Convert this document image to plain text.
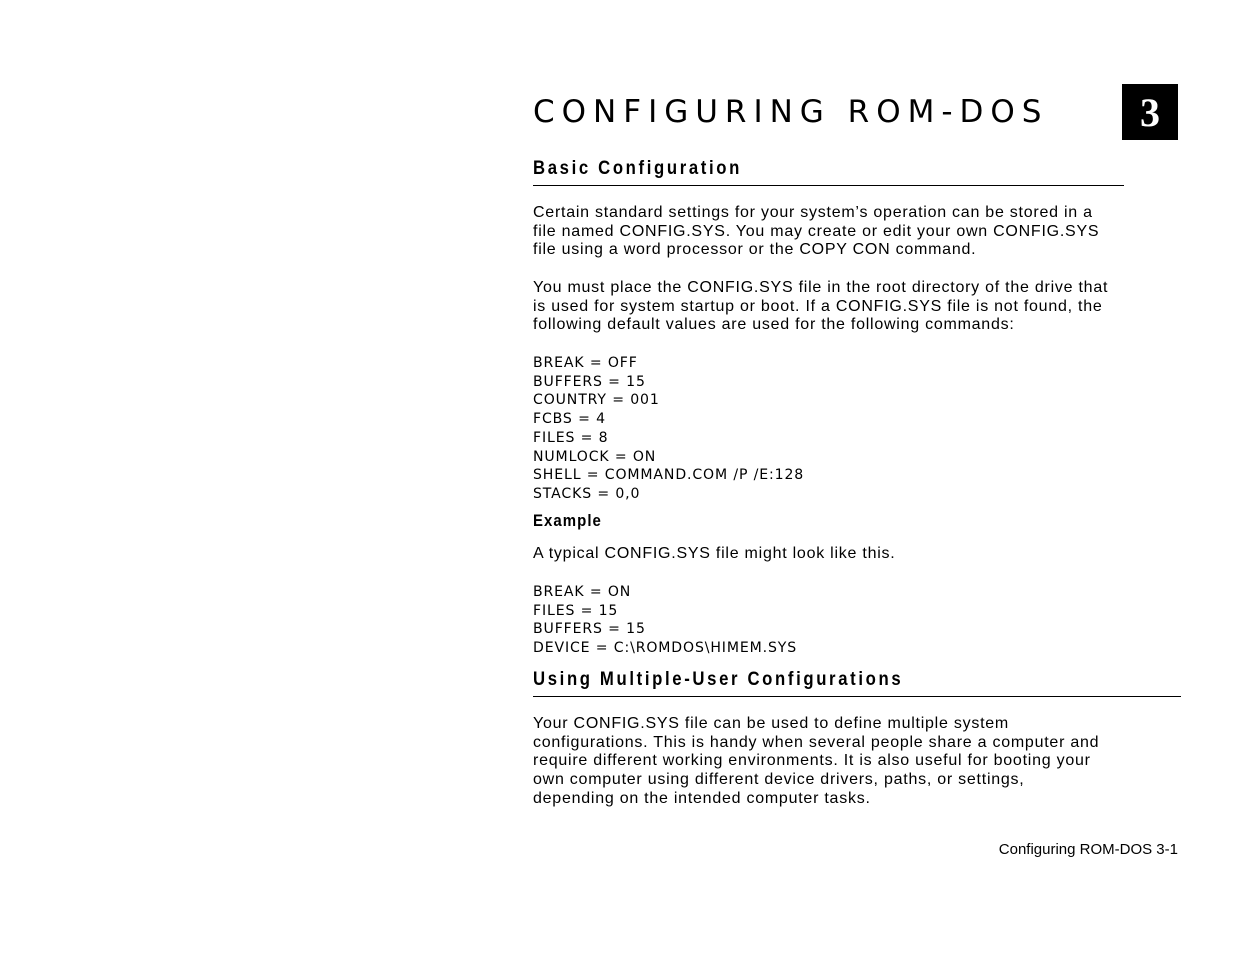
CONFIGURING ROM-DOS	3
Basic Configuration

Certain standard settings for your system’s operation can be stored in a
file named CONFIG.SYS. You may create or edit your own CONFIG.SYS
file using a word processor or the COPY CON command.

You must place the CONFIG.SYS file in the root directory of the drive that
is used for system startup or boot. If a CONFIG.SYS file is not found, the
following default values are used for the following commands:

BREAK = OFF
BUFFERS = 15
COUNTRY = 001
FCBS = 4
FILES = 8
NUMLOCK = ON
SHELL = COMMAND.COM /P /E:128
STACKS = 0,0
Example

A typical CONFIG.SYS file might look like this.

BREAK = ON
FILES = 15
BUFFERS = 15
DEVICE = C:\ROMDOS\HIMEM.SYS
Using Multiple-User Configurations

Your CONFIG.SYS file can be used to define multiple system
configurations. This is handy when several people share a computer and
require different working environments. It is also useful for booting your
own computer using different device drivers, paths, or settings,
depending on the intended computer tasks.

Configuring ROM-DOS 3-1
